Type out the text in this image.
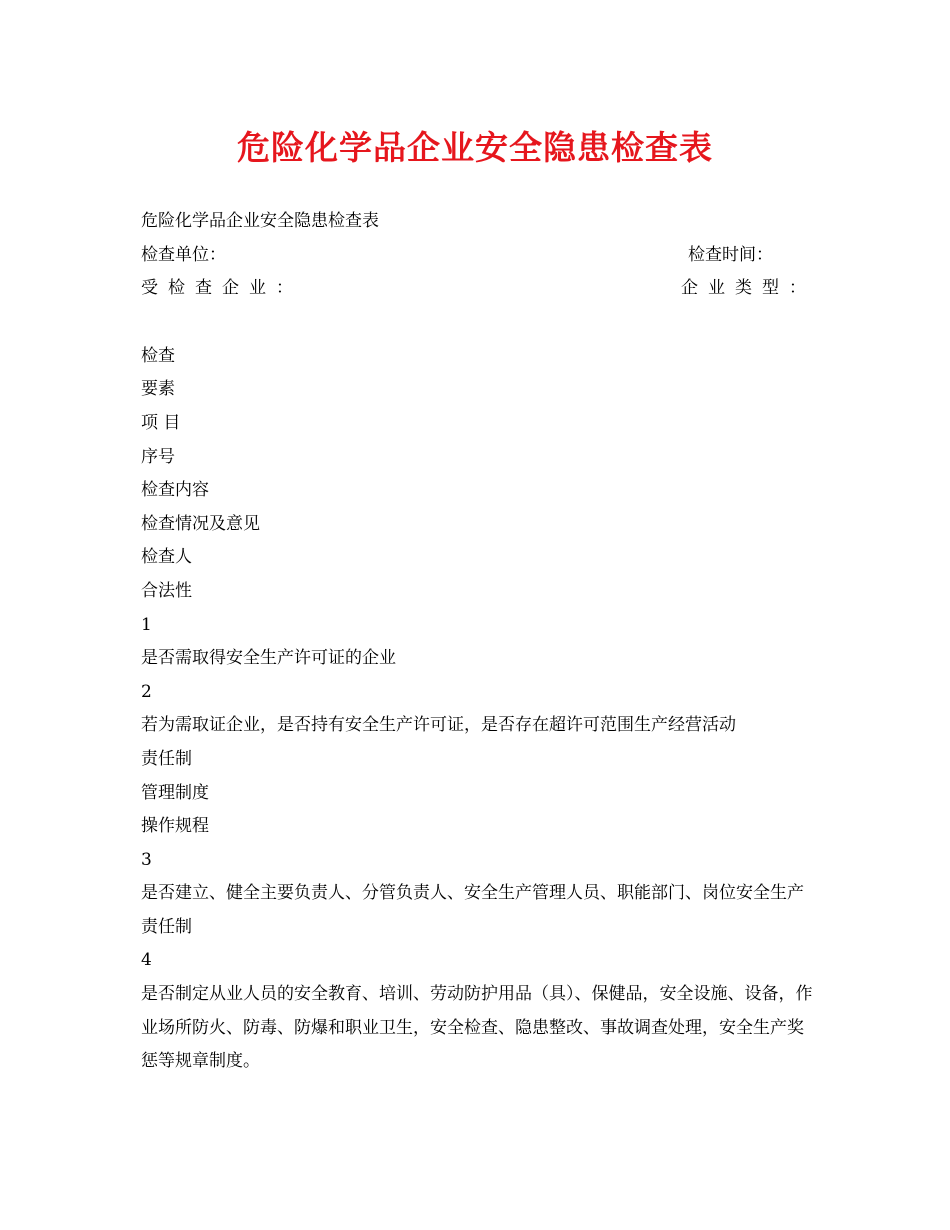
危险化学品企业安全隐患检查表
危险化学品企业安全隐患检查表
检查单位：	检查时间：
受检查企业：	企业类型：
检查
要素
项 目
序号
检查内容
检查情况及意见
检查人
合法性
1
是否需取得安全生产许可证的企业
2
若为需取证企业，是否持有安全生产许可证，是否存在超许可范围生产经营活动
责任制
管理制度
操作规程
3
是否建立、健全主要负责人、分管负责人、安全生产管理人员、职能部门、岗位安全生产责任制
4
是否制定从业人员的安全教育、培训、劳动防护用品（具）、保健品，安全设施、设备，作业场所防火、防毒、防爆和职业卫生，安全检查、隐患整改、事故调查处理，安全生产奖惩等规章制度。
